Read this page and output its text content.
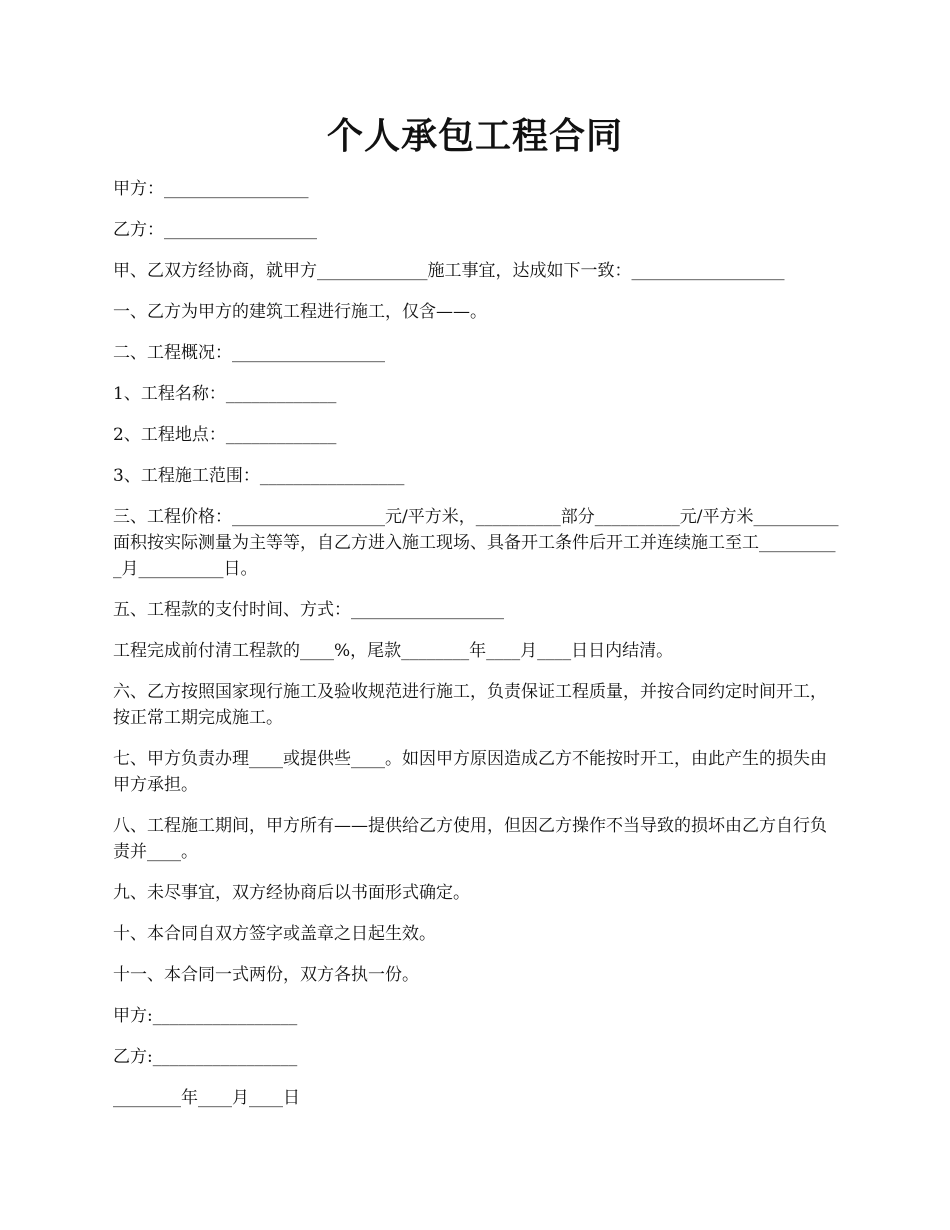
个人承包工程合同

甲方：_________________

乙方：__________________

甲、乙双方经协商，就甲方_____________施工事宜，达成如下一致：__________________

一、乙方为甲方的建筑工程进行施工，仅含——。

二、工程概况：__________________

1、工程名称：_____________

2、工程地点：_____________

3、工程施工范围：_________________

三、工程价格：__________________元/平方米，__________部分__________元/平方米__________面积按实际测量为主等等，自乙方进入施工现场、具备开工条件后开工并连续施工至工__________月__________日。

五、工程款的支付时间、方式：__________________

工程完成前付清工程款的____%，尾款________年____月____日日内结清。

六、乙方按照国家现行施工及验收规范进行施工，负责保证工程质量，并按合同约定时间开工，按正常工期完成施工。

七、甲方负责办理____或提供些____。如因甲方原因造成乙方不能按时开工，由此产生的损失由甲方承担。

八、工程施工期间，甲方所有——提供给乙方使用，但因乙方操作不当导致的损坏由乙方自行负责并____。

九、未尽事宜，双方经协商后以书面形式确定。

十、本合同自双方签字或盖章之日起生效。

十一、本合同一式两份，双方各执一份。

甲方:_________________

乙方:_________________

________年____月____日
